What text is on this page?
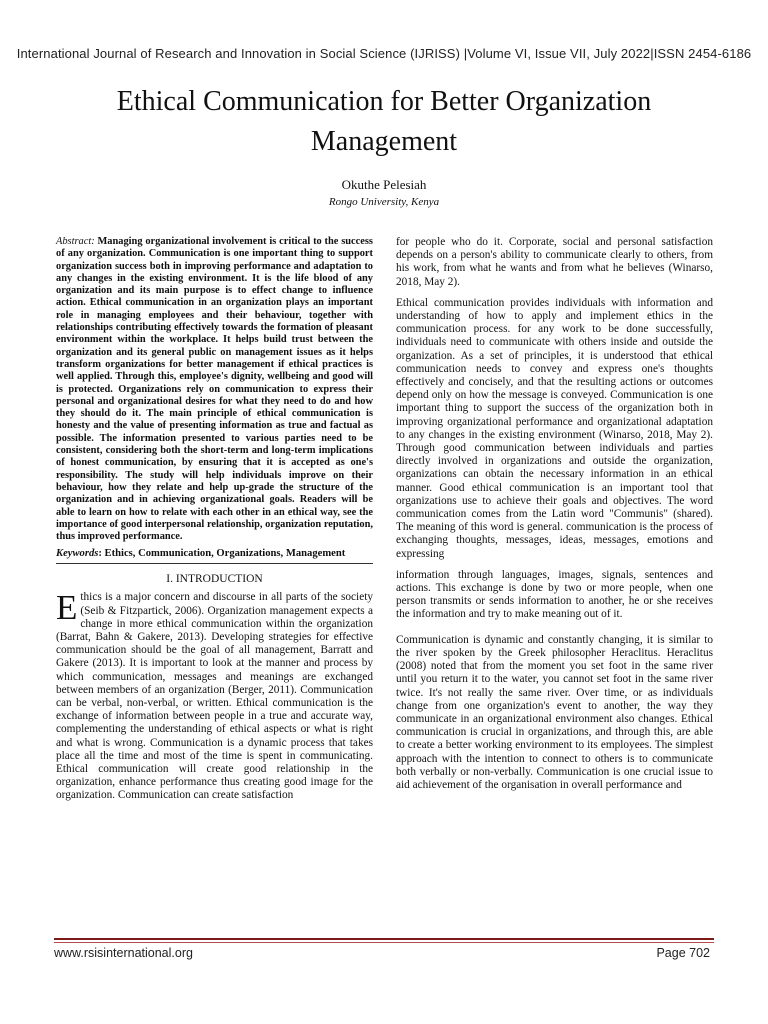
International Journal of Research and Innovation in Social Science (IJRISS) |Volume VI, Issue VII, July 2022|ISSN 2454-6186
Ethical Communication for Better Organization Management
Okuthe Pelesiah
Rongo University, Kenya

Abstract: Managing organizational involvement is critical to the success of any organization. Communication is one important thing to support organization success both in improving performance and adaptation to any changes in the existing environment. It is the life blood of any organization and its main purpose is to effect change to influence action. Ethical communication in an organization plays an important role in managing employees and their behaviour, together with relationships contributing effectively towards the formation of pleasant environment within the workplace. It helps build trust between the organization and its general public on management issues as it helps transform organizations for better management if ethical practices is well applied. Through this, employee's dignity, wellbeing and good will is protected. Organizations rely on communication to express their personal and organizational desires for what they need to do and how they should do it. The main principle of ethical communication is honesty and the value of presenting information as true and factual as possible. The information presented to various parties need to be consistent, considering both the short-term and long-term implications of honest communication, by ensuring that it is accepted as one's responsibility. The study will help individuals improve on their behaviour, how they relate and help up-grade the structure of the organization and in achieving organizational goals. Readers will be able to learn on how to relate with each other in an ethical way, see the importance of good interpersonal relationship, organization reputation, thus improved performance.

Keywords: Ethics, Communication, Organizations, Management

I. INTRODUCTION

Ethics is a major concern and discourse in all parts of the society (Seib & Fitzpartick, 2006). Organization management expects a change in more ethical communication within the organization (Barrat, Bahn & Gakere, 2013). Developing strategies for effective communication should be the goal of all management, Barratt and Gakere (2013). It is important to look at the manner and process by which communication, messages and meanings are exchanged between members of an organization (Berger, 2011). Communication can be verbal, non-verbal, or written. Ethical communication is the exchange of information between people in a true and accurate way, complementing the understanding of ethical aspects or what is right and what is wrong. Communication is a dynamic process that takes place all the time and most of the time is spent in communicating. Ethical communication will create good relationship in the organization, enhance performance thus creating good image for the organization. Communication can create satisfaction

for people who do it. Corporate, social and personal satisfaction depends on a person's ability to communicate clearly to others, from his work, from what he wants and from what he believes (Winarso, 2018, May 2).

Ethical communication provides individuals with information and understanding of how to apply and implement ethics in the communication process. for any work to be done successfully, individuals need to communicate with others inside and outside the organization. As a set of principles, it is understood that ethical communication needs to convey and express one's thoughts effectively and concisely, and that the resulting actions or outcomes depend only on how the message is conveyed. Communication is one important thing to support the success of the organization both in improving organizational performance and organizational adaptation to any changes in the existing environment (Winarso, 2018, May 2). Through good communication between individuals and parties directly involved in organizations and outside the organization, organizations can obtain the necessary information in an ethical manner. Good ethical communication is an important tool that organizations use to achieve their goals and objectives. The word communication comes from the Latin word "Communis" (shared). The meaning of this word is general. communication is the process of exchanging thoughts, messages, ideas, messages, emotions and expressing

information through languages, images, signals, sentences and actions. This exchange is done by two or more people, when one person transmits or sends information to another, he or she receives the information and try to make meaning out of it.

Communication is dynamic and constantly changing, it is similar to the river spoken by the Greek philosopher Heraclitus. Heraclitus (2008) noted that from the moment you set foot in the same river until you return it to the water, you cannot set foot in the same river twice. It's not really the same river. Over time, or as individuals change from one organization's event to another, the way they communicate in an organizational environment also changes. Ethical communication is crucial in organizations, and through this, are able to create a better working environment to its employees. The simplest approach with the intention to connect to others is to communicate both verbally or non-verbally. Communication is one crucial issue to aid achievement of the organisation in overall performance and

www.rsisinternational.org	Page 702
